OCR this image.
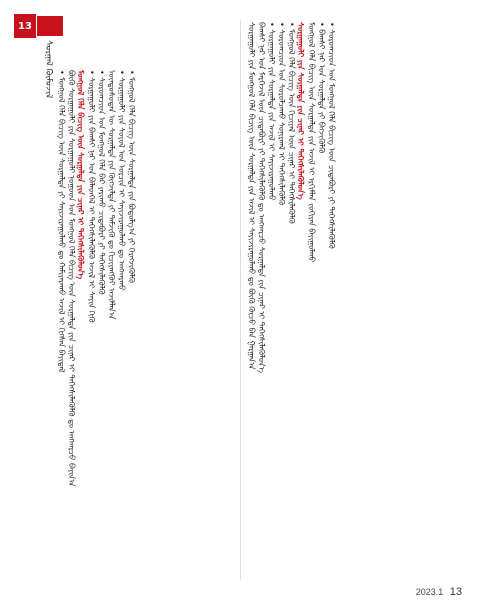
13
ᠰᠤᠷᠭᠠᠯ ᠬᠦᠮᠦᠵᠢᠯ
• ᠮᠣᠩᠭᠣᠯ ᠬᠡᠯᠡ ᠪᠢᠴᠢᠭ ᠦᠨ ᠰᠤᠷᠭᠠᠯᠲᠠ ᠶᠢ ᠰᠠᠶᠢᠵᠢᠷᠠᠭᠤᠯᠬᠤ ᠳᠤ ᠬᠠᠮᠢᠶᠠᠷᠠᠬᠤ ᠠᠵᠢᠯ ᠢ ᠬᠢᠭᠰᠡᠨ ᠪᠠᠶᠢᠳᠠᠯ ᠪᠦᠬᠦ ᠰᠤᠷᠭᠠᠭᠤᠯᠢ ᠶᠢᠨ ᠰᠤᠷᠭᠠᠭᠤᠯᠢ ᠨᠤᠭᠤᠳ ᠤᠨ ᠮᠣᠩᠭᠣᠯ ᠬᠡᠯᠡ ᠪᠢᠴᠢᠭ ᠦᠨ ᠰᠤᠷᠭᠠᠯᠲᠠ ᠶᠢᠨ ᠴᠢᠨᠠᠷ ᠢ ᠳᠡᠭᠡᠭᠰᠢᠯᠡᠭᠦᠯᠬᠦ ᠳᠤ ᠠᠩᠬᠠᠷᠴᠤ ᠪᠠᠶᠢᠨ᠎ᠠ ᠮᠣᠩᠭᠣᠯ ᠬᠡᠯᠡ ᠪᠢᠴᠢᠭ ᠦᠨ ᠰᠤᠷᠭᠠᠯᠲᠠ ᠶᠢᠨ ᠴᠢᠨᠠᠷ ᠢ ᠳᠡᠭᠡᠭᠰᠢᠯᠡᠭᠦᠯᠦᠨ᠎ᠡ • ᠰᠤᠷᠭᠠᠭᠤᠯᠢ ᠶᠢᠨ ᠪᠠᠭᠰᠢ ᠨᠠᠷ ᠤᠨ ᠪᠡᠯᠡᠳᠬᠡᠯ ᠢ ᠳᠡᠭᠡᠭᠰᠢᠯᠡᠭᠦᠯᠬᠦ ᠠᠵᠢᠯ ᠢ ᠰᠠᠶᠢᠨ ᠬᠢᠬᠦ • ᠰᠤᠷᠤᠭᠴᠢᠳ ᠤᠨ ᠮᠣᠩᠭᠣᠯ ᠬᠡᠯᠡ ᠪᠡᠷ ᠶᠠᠷᠢᠬᠤ ᠴᠢᠳᠠᠪᠤᠷᠢ ᠶᠢ ᠳᠡᠭᠡᠭᠰᠢᠯᠡᠭᠦᠯᠬᠦ ᠦᠨᠳᠦᠰᠦᠲᠡᠨ ᠦ ᠰᠤᠷᠭᠠᠯᠲᠠ ᠶᠢᠨ ᠬᠥᠭᠵᠢᠯᠲᠡ ᠶᠢ ᠳᠡᠮᠵᠢᠬᠦ ᠳᠤ ᠬᠢᠴᠢᠶᠡᠩᠭᠦᠢ ᠠᠵᠢᠯᠯᠠᠨ᠎ᠠ • ᠰᠤᠷᠭᠠᠭᠤᠯᠢ ᠶᠢᠨ ᠰᠤᠶᠤᠯ ᠤᠨ ᠣᠷᠴᠢᠨ ᠢ ᠰᠠᠶᠢᠵᠢᠷᠠᠭᠤᠯᠬᠤ ᠳᠤ ᠠᠩᠬᠠᠷᠬᠤ • ᠮᠣᠩᠭᠣᠯ ᠬᠡᠯᠡ ᠪᠢᠴᠢᠭ ᠦᠨ ᠰᠤᠷᠭᠠᠯᠲᠠ ᠶᠢᠨ ᠪᠣᠳᠤᠯᠭ᠎ᠠ ᠶᠢ ᠬᠡᠷᠡᠭᠵᠢᠭᠦᠯᠬᠦ	ᠰᠤᠷᠭᠠᠭᠤᠯᠢ ᠶᠢᠨ ᠮᠣᠩᠭᠣᠯ ᠬᠡᠯᠡ ᠪᠢᠴᠢᠭ ᠦᠨ ᠰᠤᠷᠭᠠᠯᠲᠠ ᠶᠢᠨ ᠠᠵᠢᠯ ᠢ ᠰᠠᠶᠢᠵᠢᠷᠠᠭᠤᠯᠬᠤ ᠳᠤ ᠪᠦᠬᠦ ᠬᠦᠴᠦ ᠪᠡᠨ ᠭᠠᠷᠭᠠᠨ᠎ᠠ ᠪᠠᠭᠰᠢ ᠨᠠᠷ ᠤᠨ ᠮᠡᠷᠭᠡᠵᠢᠯ ᠦᠨ ᠴᠢᠳᠠᠪᠤᠷᠢ ᠶᠢ ᠳᠡᠭᠡᠭᠰᠢᠯᠡᠭᠦᠯᠬᠦ ᠳᠤ ᠠᠩᠬᠠᠷᠴᠤ ᠰᠤᠷᠭᠠᠯᠲᠠ ᠶᠢᠨ ᠴᠢᠨᠠᠷ ᠢ ᠳᠡᠭᠡᠭᠰᠢᠯᠡᠭᠦᠯᠦᠨ᠎ᠡ • ᠰᠤᠷᠭᠠᠭᠤᠯᠢ ᠶᠢᠨ ᠰᠤᠷᠭᠠᠯᠲᠠ ᠶᠢᠨ ᠠᠵᠢᠯ ᠢ ᠰᠠᠶᠢᠵᠢᠷᠠᠭᠤᠯᠬᠤ • ᠰᠤᠷᠤᠭᠴᠢᠳ ᠤᠨ ᠰᠤᠷᠤᠯᠴᠠᠬᠤ ᠰᠣᠨᠢᠷᠬᠠᠯ ᠢ ᠳᠡᠭᠡᠭᠰᠢᠯᠡᠭᠦᠯᠬᠦ • ᠮᠣᠩᠭᠣᠯ ᠬᠡᠯᠡ ᠪᠢᠴᠢᠭ ᠦᠨ ᠬᠢᠴᠢᠶᠡᠯ ᠦᠨ ᠴᠢᠨᠠᠷ ᠢ ᠳᠡᠭᠡᠭᠰᠢᠯᠡᠭᠦᠯᠬᠦ ᠰᠤᠷᠭᠠᠭᠤᠯᠢ ᠶᠢᠨ ᠰᠤᠷᠭᠠᠯᠲᠠ ᠶᠢᠨ ᠴᠢᠨᠠᠷ ᠢ ᠳᠡᠭᠡᠭᠰᠢᠯᠡᠭᠦᠯᠦᠨ᠎ᠡ ᠮᠣᠩᠭᠣᠯ ᠬᠡᠯᠡ ᠪᠢᠴᠢᠭ ᠦᠨ ᠰᠤᠷᠭᠠᠯᠲᠠ ᠶᠢᠨ ᠠᠵᠢᠯ ᠢ ᠡᠷᠬᠢᠮᠯᠡᠨ ᠵᠣᠬᠢᠶᠠᠨ ᠪᠠᠶᠢᠭᠤᠯᠬᠤ • ᠪᠠᠭᠰᠢ ᠨᠠᠷ ᠤᠨ ᠰᠤᠷᠭᠠᠯᠲᠠ ᠶᠢ ᠪᠡᠬᠵᠢᠭᠦᠯᠬᠦ • ᠰᠤᠷᠤᠭᠴᠢᠳ ᠤᠨ ᠮᠣᠩᠭᠣᠯ ᠬᠡᠯᠡ ᠪᠢᠴᠢᠭ ᠦᠨ ᠴᠢᠳᠠᠪᠤᠷᠢ ᠶᠢ ᠳᠡᠭᠡᠭᠰᠢᠯᠡᠭᠦᠯᠬᠦ
2023.1 13
